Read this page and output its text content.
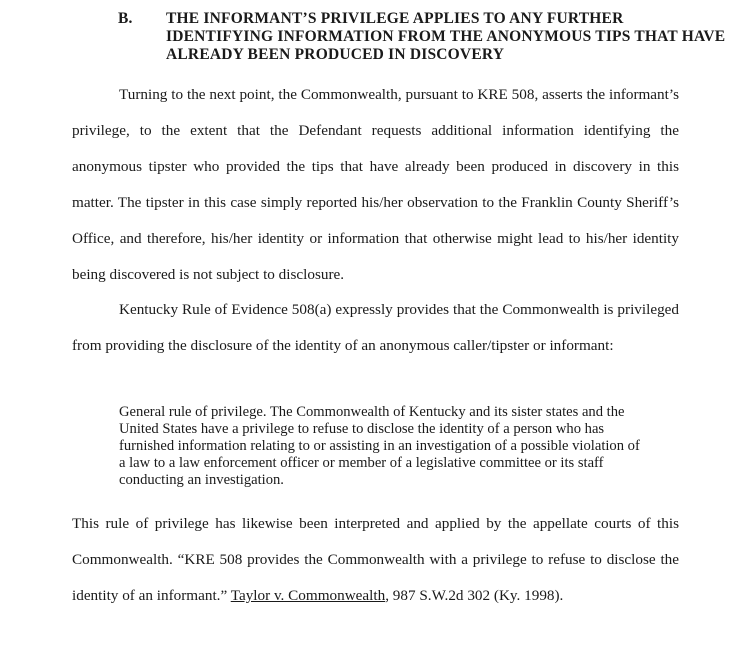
B. THE INFORMANT’S PRIVILEGE APPLIES TO ANY FURTHER IDENTIFYING INFORMATION FROM THE ANONYMOUS TIPS THAT HAVE ALREADY BEEN PRODUCED IN DISCOVERY

Turning to the next point, the Commonwealth, pursuant to KRE 508, asserts the informant’s privilege, to the extent that the Defendant requests additional information identifying the anonymous tipster who provided the tips that have already been produced in discovery in this matter. The tipster in this case simply reported his/her observation to the Franklin County Sheriff’s Office, and therefore, his/her identity or information that otherwise might lead to his/her identity being discovered is not subject to disclosure.

Kentucky Rule of Evidence 508(a) expressly provides that the Commonwealth is privileged from providing the disclosure of the identity of an anonymous caller/tipster or informant:

General rule of privilege. The Commonwealth of Kentucky and its sister states and the United States have a privilege to refuse to disclose the identity of a person who has furnished information relating to or assisting in an investigation of a possible violation of a law to a law enforcement officer or member of a legislative committee or its staff conducting an investigation.

This rule of privilege has likewise been interpreted and applied by the appellate courts of this Commonwealth. “KRE 508 provides the Commonwealth with a privilege to refuse to disclose the identity of an informant.” Taylor v. Commonwealth, 987 S.W.2d 302 (Ky. 1998).
